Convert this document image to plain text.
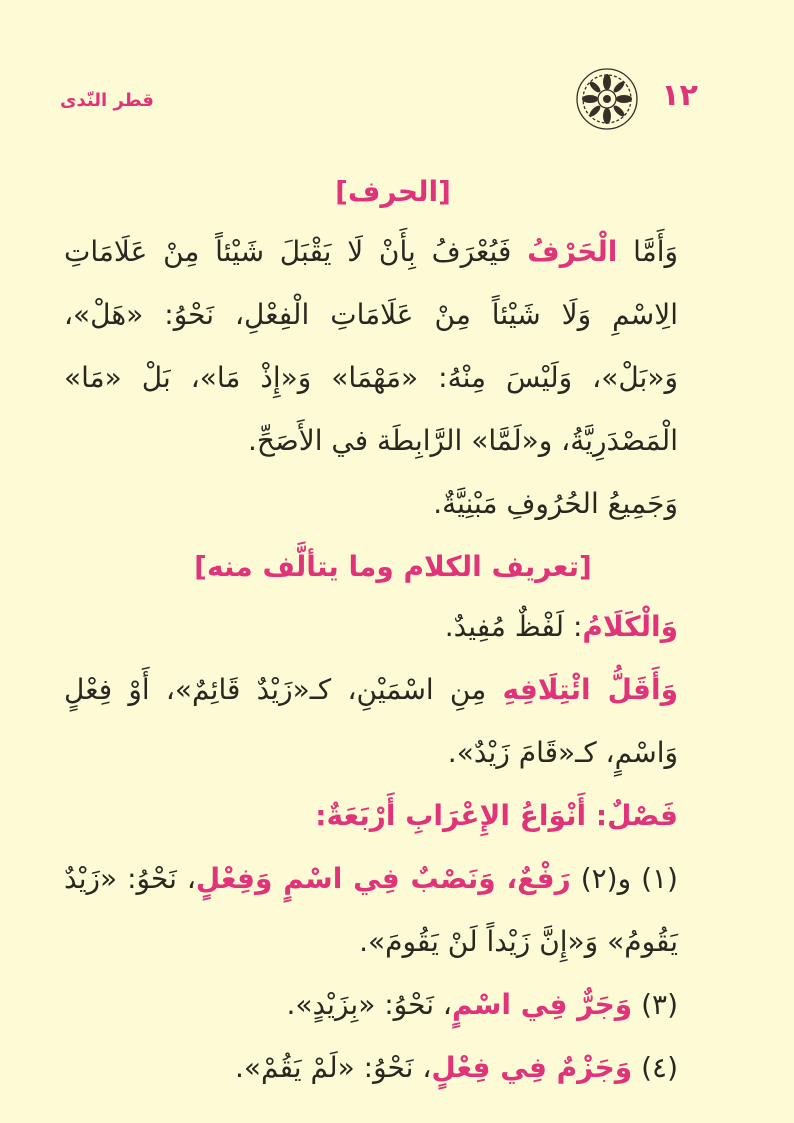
١٢
قطر النّدى
[الحرف]

وَأَمَّا الْحَرْفُ فَيُعْرَفُ بِأَنْ لَا يَقْبَلَ شَيْئاً مِنْ عَلَامَاتِ الِاسْمِ وَلَا شَيْئاً مِنْ عَلَامَاتِ الْفِعْلِ، نَحْوُ: «هَلْ»، وَ«بَلْ»، وَلَيْسَ مِنْهُ: «مَهْمَا» وَ«إِذْ مَا»، بَلْ «مَا» الْمَصْدَرِيَّةُ، و«لَمَّا» الرَّابِطَة في الأَصَحِّ.

وَجَمِيعُ الحُرُوفِ مَبْنِيَّةٌ.

[تعريف الكلام وما يتألَّف منه]

وَالْكَلَامُ: لَفْظٌ مُفِيدٌ.

وَأَقَلُّ ائْتِلَافِهِ مِنِ اسْمَيْنِ، كـ«زَيْدٌ قَائِمٌ»، أَوْ فِعْلٍ وَاسْمٍ، كـ«قَامَ زَيْدٌ».

فَصْلٌ: أَنْوَاعُ الإِعْرَابِ أَرْبَعَةٌ:

(١) و(٢) رَفْعٌ، وَنَصْبٌ فِي اسْمٍ وَفِعْلٍ، نَحْوُ: «زَيْدٌ يَقُومُ» وَ«إِنَّ زَيْداً لَنْ يَقُومَ».

(٣) وَجَرٌّ فِي اسْمٍ، نَحْوُ: «بِزَيْدٍ».

(٤) وَجَزْمٌ فِي فِعْلٍ، نَحْوُ: «لَمْ يَقُمْ».
